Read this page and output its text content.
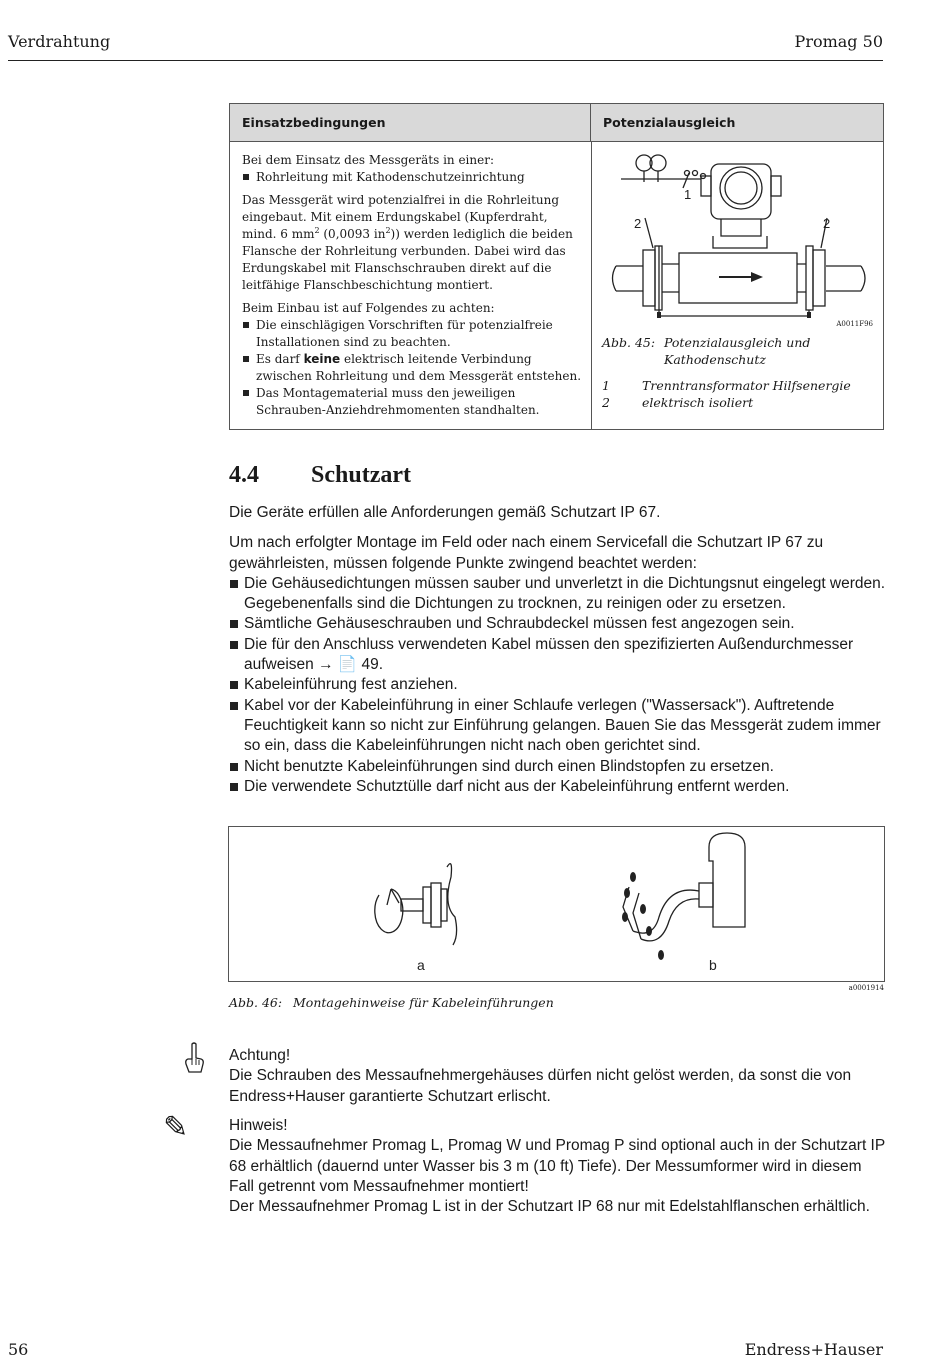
Verdrahtung	Promag 50
Einsatzbedingungen	Potenzialausgleich

Bei dem Einsatz des Messgeräts in einer:

Rohrleitung mit Kathodenschutzeinrichtung

Das Messgerät wird potenzialfrei in die Rohrleitung eingebaut. Mit einem Erdungskabel (Kupferdraht, mind. 6 $mm^2$ (0,0093 $in^2$)) werden lediglich die beiden Flansche der Rohrleitung verbunden. Dabei wird das Erdungskabel mit Flanschschrauben direkt auf die leitfähige Flanschbeschichtung montiert.

Beim Einbau ist auf Folgendes zu achten:

Die einschlägigen Vorschriften für potenzialfreie Installationen sind zu beachten.
Es darf keine elektrisch leitende Verbindung zwischen Rohrleitung und dem Messgerät entstehen.
Das Montagematerial muss den jeweiligen Schrauben-Anziehdrehmomenten standhalten.
1
2	2
A0011F96
Abb. 45: Potenzialausgleich und Kathodenschutz
1	Trenntransformator Hilfsenergie
2	elektrisch isoliert
4.4 Schutzart

Die Geräte erfüllen alle Anforderungen gemäß Schutzart IP 67.

Um nach erfolgter Montage im Feld oder nach einem Servicefall die Schutzart IP 67 zu gewährleisten, müssen folgende Punkte zwingend beachtet werden:

Die Gehäusedichtungen müssen sauber und unverletzt in die Dichtungsnut eingelegt werden. Gegebenenfalls sind die Dichtungen zu trocknen, zu reinigen oder zu ersetzen.
Sämtliche Gehäuseschrauben und Schraubdeckel müssen fest angezogen sein.
Die für den Anschluss verwendeten Kabel müssen den spezifizierten Außendurchmesser aufweisen → 📄 49.
Kabeleinführung fest anziehen.
Kabel vor der Kabeleinführung in einer Schlaufe verlegen ("Wassersack"). Auftretende Feuchtigkeit kann so nicht zur Einführung gelangen. Bauen Sie das Messgerät zudem immer so ein, dass die Kabeleinführungen nicht nach oben gerichtet sind.
Nicht benutzte Kabeleinführungen sind durch einen Blindstopfen zu ersetzen.
Die verwendete Schutztülle darf nicht aus der Kabeleinführung entfernt werden.
a	b
a0001914
Abb. 46: Montagehinweise für Kabeleinführungen
Achtung!
Die Schrauben des Messaufnehmergehäuses dürfen nicht gelöst werden, da sonst die von Endress+Hauser garantierte Schutzart erlischt.
✎	Hinweis!
Die Messaufnehmer Promag L, Promag W und Promag P sind optional auch in der Schutzart IP 68 erhältlich (dauernd unter Wasser bis 3 m (10 ft) Tiefe). Der Messumformer wird in diesem Fall getrennt vom Messaufnehmer montiert!
Der Messaufnehmer Promag L ist in der Schutzart IP 68 nur mit Edelstahlflanschen erhältlich.
56	Endress+Hauser
